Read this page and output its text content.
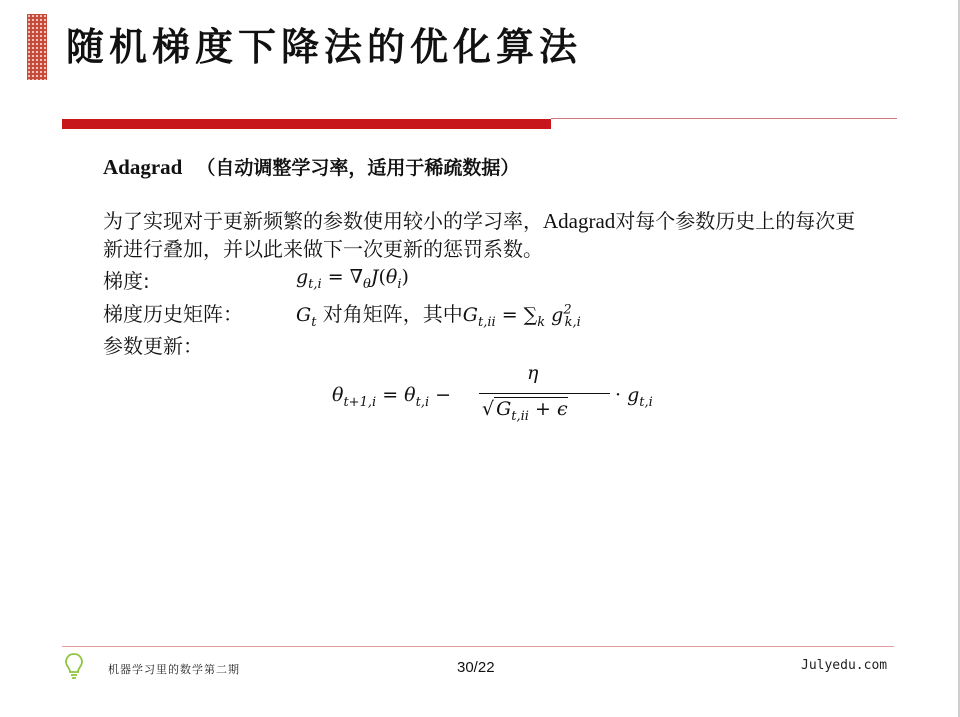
随机梯度下降法的优化算法
Adagrad （自动调整学习率，适用于稀疏数据）
为了实现对于更新频繁的参数使用较小的学习率，Adagrad对每个参数历史上的每次更新进行叠加，并以此来做下一次更新的惩罚系数。
梯度:	$g_{t,i} = \nabla_\theta J(\theta_i)$
梯度历史矩阵：	$G_t$ 对角矩阵，其中$G_{t,ii} = \sum_k$ $g^2_{k,i}$
参数更新：
$\theta_{t+1,i} = \theta_{t,i}$ −
η
√ $G_{t,ii} + \epsilon$
· $g_{t,i}$
机器学习里的数学第二期	30/22	Julyedu.com
